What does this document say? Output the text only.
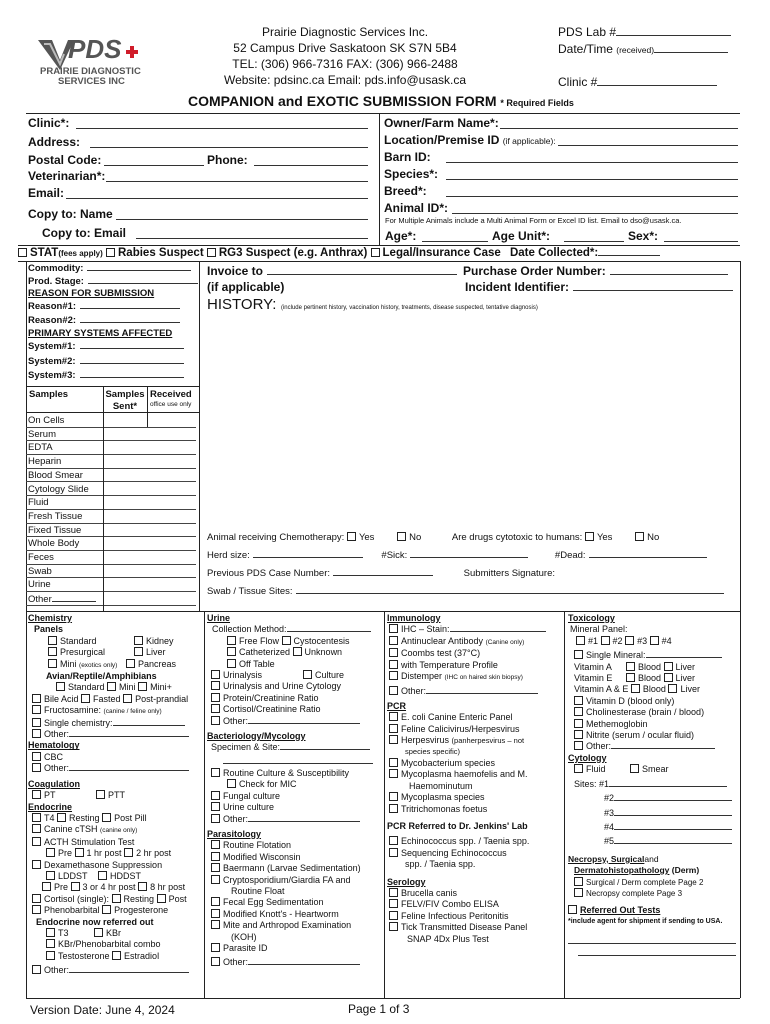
PDS
PRAIRIE DIAGNOSTIC
SERVICES INC
Prairie Diagnostic Services Inc.
52 Campus Drive Saskatoon SK S7N 5B4
TEL: (306) 966-7316 FAX: (306) 966-2488
Website: pdsinc.ca Email: pds.info@usask.ca
PDS Lab #
Date/Time (received)
Clinic #
COMPANION and EXOTIC SUBMISSION FORM * Required Fields
Clinic*:
Address:
Postal Code:	Phone:
Veterinarian*:
Email:
Copy to: Name
Copy to: Email
Owner/Farm Name*:
Location/Premise ID (if applicable):
Barn ID:
Species*:
Breed*:
Animal ID*:
For Multiple Animals include a Multi Animal Form or Excel ID list. Email to dso@usask.ca.
Age*:	Age Unit*:	Sex*:
STAT(fees apply) Rabies Suspect RG3 Suspect (e.g. Anthrax) Legal/Insurance Case Date Collected*:
Commodity:
Prod. Stage:
REASON FOR SUBMISSION
Reason#1:
Reason#2:
PRIMARY SYSTEMS AFFECTED
System#1:
System#2:
System#3:
Samples	Samples Sent*
Received
office use only
On Cells
Serum
EDTA
Heparin
Blood Smear
Cytology Slide
Fluid
Fresh Tissue
Fixed Tissue
Whole Body
Feces
Swab
Urine
Other
Invoice to	Purchase Order Number:
(if applicable)	Incident Identifier:
HISTORY: (include pertinent history, vaccination history, treatments, disease suspected, tentative diagnosis)
Animal receiving Chemotherapy: Yes	No	Are drugs cytotoxic to humans: Yes	No
Herd size:	#Sick:	#Dead:
Previous PDS Case Number:	Submitters Signature:
Swab / Tissue Sites:
Chemistry
Panels
Standard	Kidney
Presurgical	Liver
Mini (exotics only) Pancreas
Avian/Reptile/Amphibians
Standard Mini Mini+
Bile Acid Fasted Post-prandial
Fructosamine: (canine / feline only)
Single chemistry:
Other:
Hematology
CBC
Other:
Coagulation
PT	PTT
Endocrine
T4 Resting Post Pill
Canine cTSH (canine only)
ACTH Stimulation Test
Pre 1 hr post 2 hr post
Dexamethasone Suppression
LDDST HDDST
Pre 3 or 4 hr post 8 hr post
Cortisol (single): Resting Post
Phenobarbital Progesterone
Endocrine now referred out
T3	KBr
KBr/Phenobarbital combo
Testosterone Estradiol
Other:
Urine
Collection Method:
Free Flow Cystocentesis
Catheterized Unknown
Off Table
Urinalysis	Culture
Urinalysis and Urine Cytology
Protein/Creatinine Ratio
Cortisol/Creatinine Ratio
Other:
Bacteriology/Mycology
Specimen & Site:
Routine Culture & Susceptibility
Check for MIC
Fungal culture
Urine culture
Other:
Parasitology
Routine Flotation
Modified Wisconsin
Baermann (Larvae Sedimentation)
Cryptosporidium/Giardia FA and
Routine Float
Fecal Egg Sedimentation
Modified Knott's - Heartworm
Mite and Arthropod Examination
(KOH)
Parasite ID
Other:
Immunology
IHC – Stain:
Antinuclear Antibody (Canine only)
Coombs test (37°C)
with Temperature Profile
Distemper (IHC on haired skin biopsy)
Other:
PCR
E. coli Canine Enteric Panel
Feline Calicivirus/Herpesvirus
Herpesvirus (panherpesvirus – not
species specific)
Mycobacterium species
Mycoplasma haemofelis and M.
Haemominutum
Mycoplasma species
Tritrichomonas foetus
PCR Referred to Dr. Jenkins' Lab
Echinococcus spp. / Taenia spp.
Sequencing Echinococcus
spp. / Taenia spp.
Serology
Brucella canis
FELV/FIV Combo ELISA
Feline Infectious Peritonitis
Tick Transmitted Disease Panel
SNAP 4Dx Plus Test
Toxicology
Mineral Panel:
#1 #2 #3 #4
Single Mineral:
Vitamin A	Blood Liver
Vitamin E	Blood Liver
Vitamin A & E Blood Liver
Vitamin D (blood only)
Cholinesterase (brain / blood)
Methemoglobin
Nitrite (serum / ocular fluid)
Other:
Cytology
Fluid	Smear
Sites: #1
#2
#3
#4
#5
Necropsy, Surgicaland
Dermatohistopathology (Derm)
Surgical / Derm complete Page 2
Necropsy complete Page 3
Referred Out Tests
*include agent for shipment if sending to USA.
Version Date: June 4, 2024	Page 1 of 3
